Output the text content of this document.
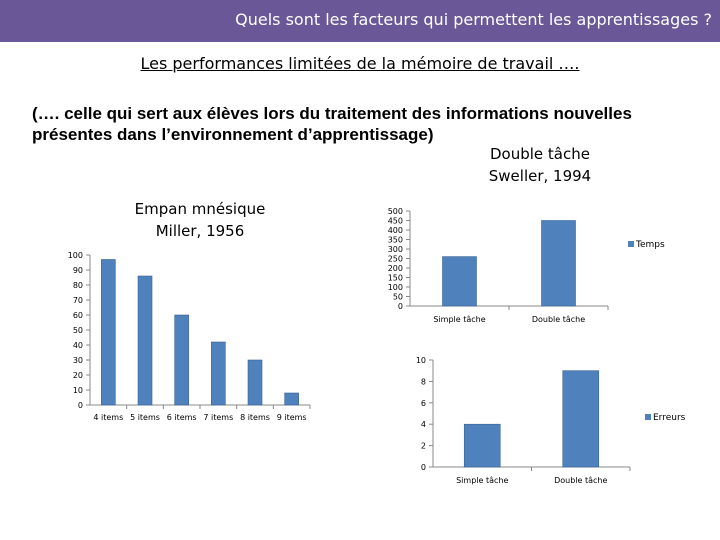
Quels sont les facteurs qui permettent les apprentissages ?
Les performances limitées de la mémoire de travail ….
(…. celle qui sert aux élèves lors du traitement des informations nouvelles
présentes dans l’environnement d’apprentissage)
Double tâche
Sweller, 1994
Empan mnésique
Miller, 1956
0
10
20
30
40
50
60
70
80
90
100
4 items 5 items 6 items 7 items 8 items 9 items
0
50
100
150
200
250
300
350
400
450
500
Simple tâche	Double tâche
Temps
0
2
4
6
8
10
Simple tâche	Double tâche
Erreurs
